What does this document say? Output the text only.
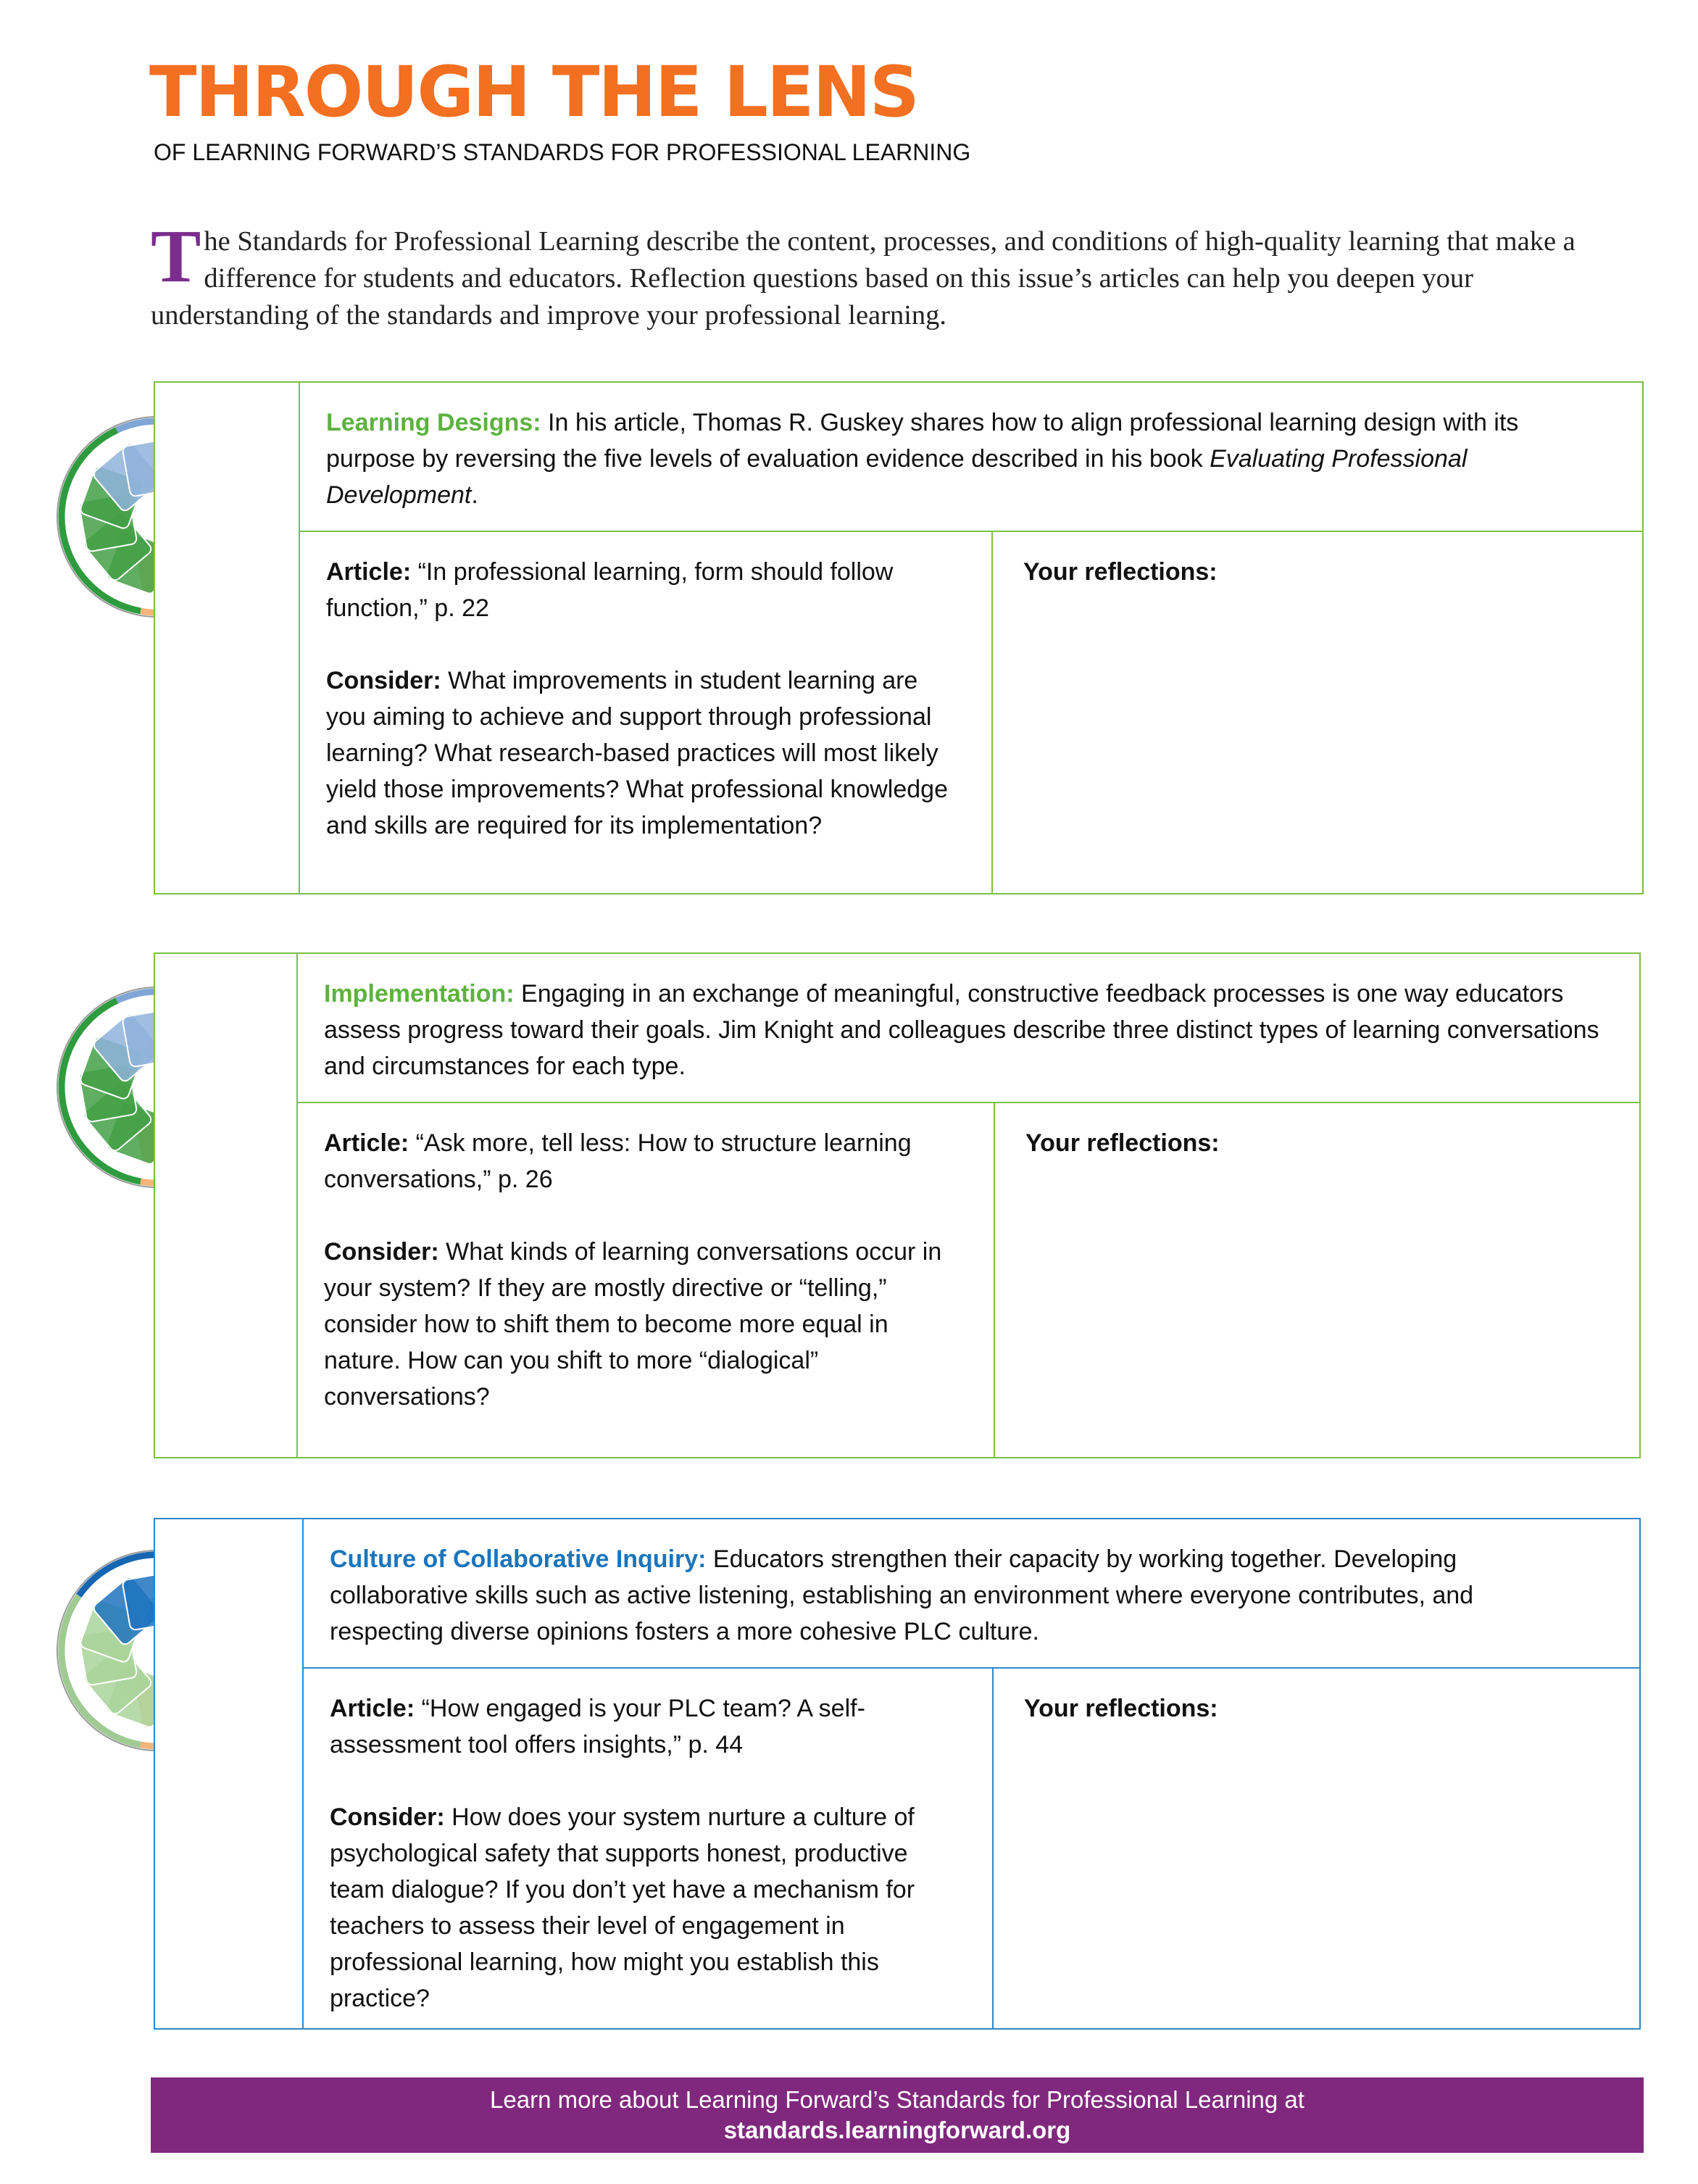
THROUGH THE LENS
OF LEARNING FORWARD’S STANDARDS FOR PROFESSIONAL LEARNING

The Standards for Professional Learning describe the content, processes, and conditions of high-quality learning that make a difference for students and educators. Reflection questions based on this issue’s articles can help you deepen your understanding of the standards and improve your professional learning.

Learning Designs: In his article, Thomas R. Guskey shares how to align professional learning design with its purpose by reversing the five levels of evaluation evidence described in his book Evaluating Professional Development.

Article: “In professional learning, form should follow function,” p. 22

Consider: What improvements in student learning are you aiming to achieve and support through professional learning? What research-based practices will most likely yield those improvements? What professional knowledge and skills are required for its implementation?

Your reflections:

Implementation: Engaging in an exchange of meaningful, constructive feedback processes is one way educators assess progress toward their goals. Jim Knight and colleagues describe three distinct types of learning conversations and circumstances for each type.

Article: “Ask more, tell less: How to structure learning conversations,” p. 26

Consider: What kinds of learning conversations occur in your system? If they are mostly directive or “telling,” consider how to shift them to become more equal in nature. How can you shift to more “dialogical” conversations?

Your reflections:

Culture of Collaborative Inquiry: Educators strengthen their capacity by working together. Developing collaborative skills such as active listening, establishing an environment where everyone contributes, and respecting diverse opinions fosters a more cohesive PLC culture.

Article: “How engaged is your PLC team? A self-assessment tool offers insights,” p. 44

Consider: How does your system nurture a culture of psychological safety that supports honest, productive team dialogue? If you don’t yet have a mechanism for teachers to assess their level of engagement in professional learning, how might you establish this practice?

Your reflections:
Learn more about Learning Forward’s Standards for Professional Learning at
standards.learningforward.org
